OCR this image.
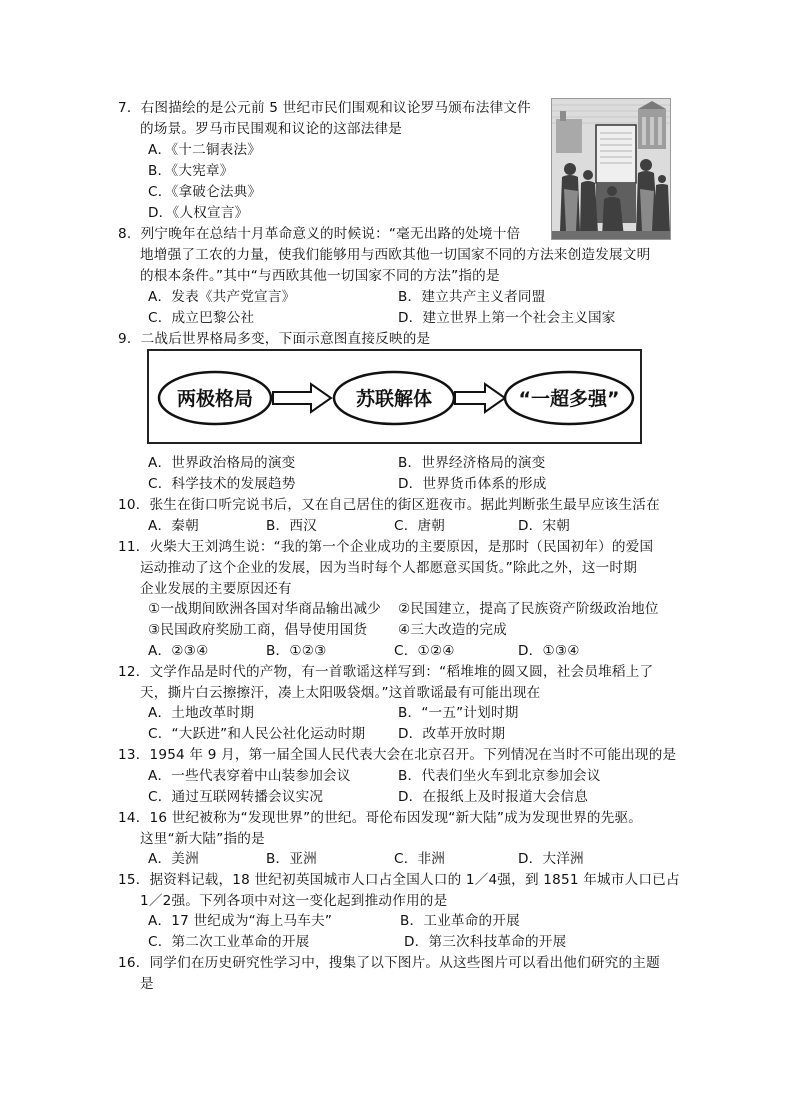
7．右图描绘的是公元前 5 世纪市民们围观和议论罗马颁布法律文件
的场景。罗马市民围观和议论的这部法律是
A．《十二铜表法》
B．《大宪章》
C．《拿破仑法典》
D．《人权宣言》
8．列宁晚年在总结十月革命意义的时候说：“毫无出路的处境十倍
地增强了工农的力量，使我们能够用与西欧其他一切国家不同的方法来创造发展文明
的根本条件。”其中“与西欧其他一切国家不同的方法”指的是
A．发表《共产党宣言》	B．建立共产主义者同盟
C．成立巴黎公社	D．建立世界上第一个社会主义国家
9．二战后世界格局多变，下面示意图直接反映的是
两极格局	苏联解体	“一超多强”
A．世界政治格局的演变	B．世界经济格局的演变
C．科学技术的发展趋势	D．世界货币体系的形成
10．张生在街口听完说书后，又在自己居住的街区逛夜市。据此判断张生最早应该生活在
A．秦朝	B．西汉	C．唐朝	D．宋朝
11．火柴大王刘鸿生说：“我的第一个企业成功的主要原因，是那时（民国初年）的爱国
运动推动了这个企业的发展，因为当时每个人都愿意买国货。”除此之外，这一时期
企业发展的主要原因还有
①一战期间欧洲各国对华商品输出减少 ②民国建立，提高了民族资产阶级政治地位
③民国政府奖励工商，倡导使用国货 ④三大改造的完成
A．②③④	B．①②③	C．①②④	D．①③④
12．文学作品是时代的产物，有一首歌谣这样写到：“稻堆堆的圆又圆，社会员堆稻上了
天，撕片白云擦擦汗，凑上太阳吸袋烟。”这首歌谣最有可能出现在
A．土地改革时期	B．“一五”计划时期
C．“大跃进”和人民公社化运动时期 D．改革开放时期
13．1954 年 9 月，第一届全国人民代表大会在北京召开。下列情况在当时不可能出现的是
A．一些代表穿着中山装参加会议	B．代表们坐火车到北京参加会议
C．通过互联网转播会议实况	D．在报纸上及时报道大会信息
14．16 世纪被称为“发现世界”的世纪。哥伦布因发现“新大陆”成为发现世界的先驱。
这里“新大陆”指的是
A．美洲	B．亚洲	C．非洲	D．大洋洲
15．据资料记载，18 世纪初英国城市人口占全国人口的 1／4强，到 1851 年城市人口已占
1／2强。下列各项中对这一变化起到推动作用的是
A．17 世纪成为“海上马车夫”	B．工业革命的开展
C．第二次工业革命的开展	D．第三次科技革命的开展
16．同学们在历史研究性学习中，搜集了以下图片。从这些图片可以看出他们研究的主题
是
